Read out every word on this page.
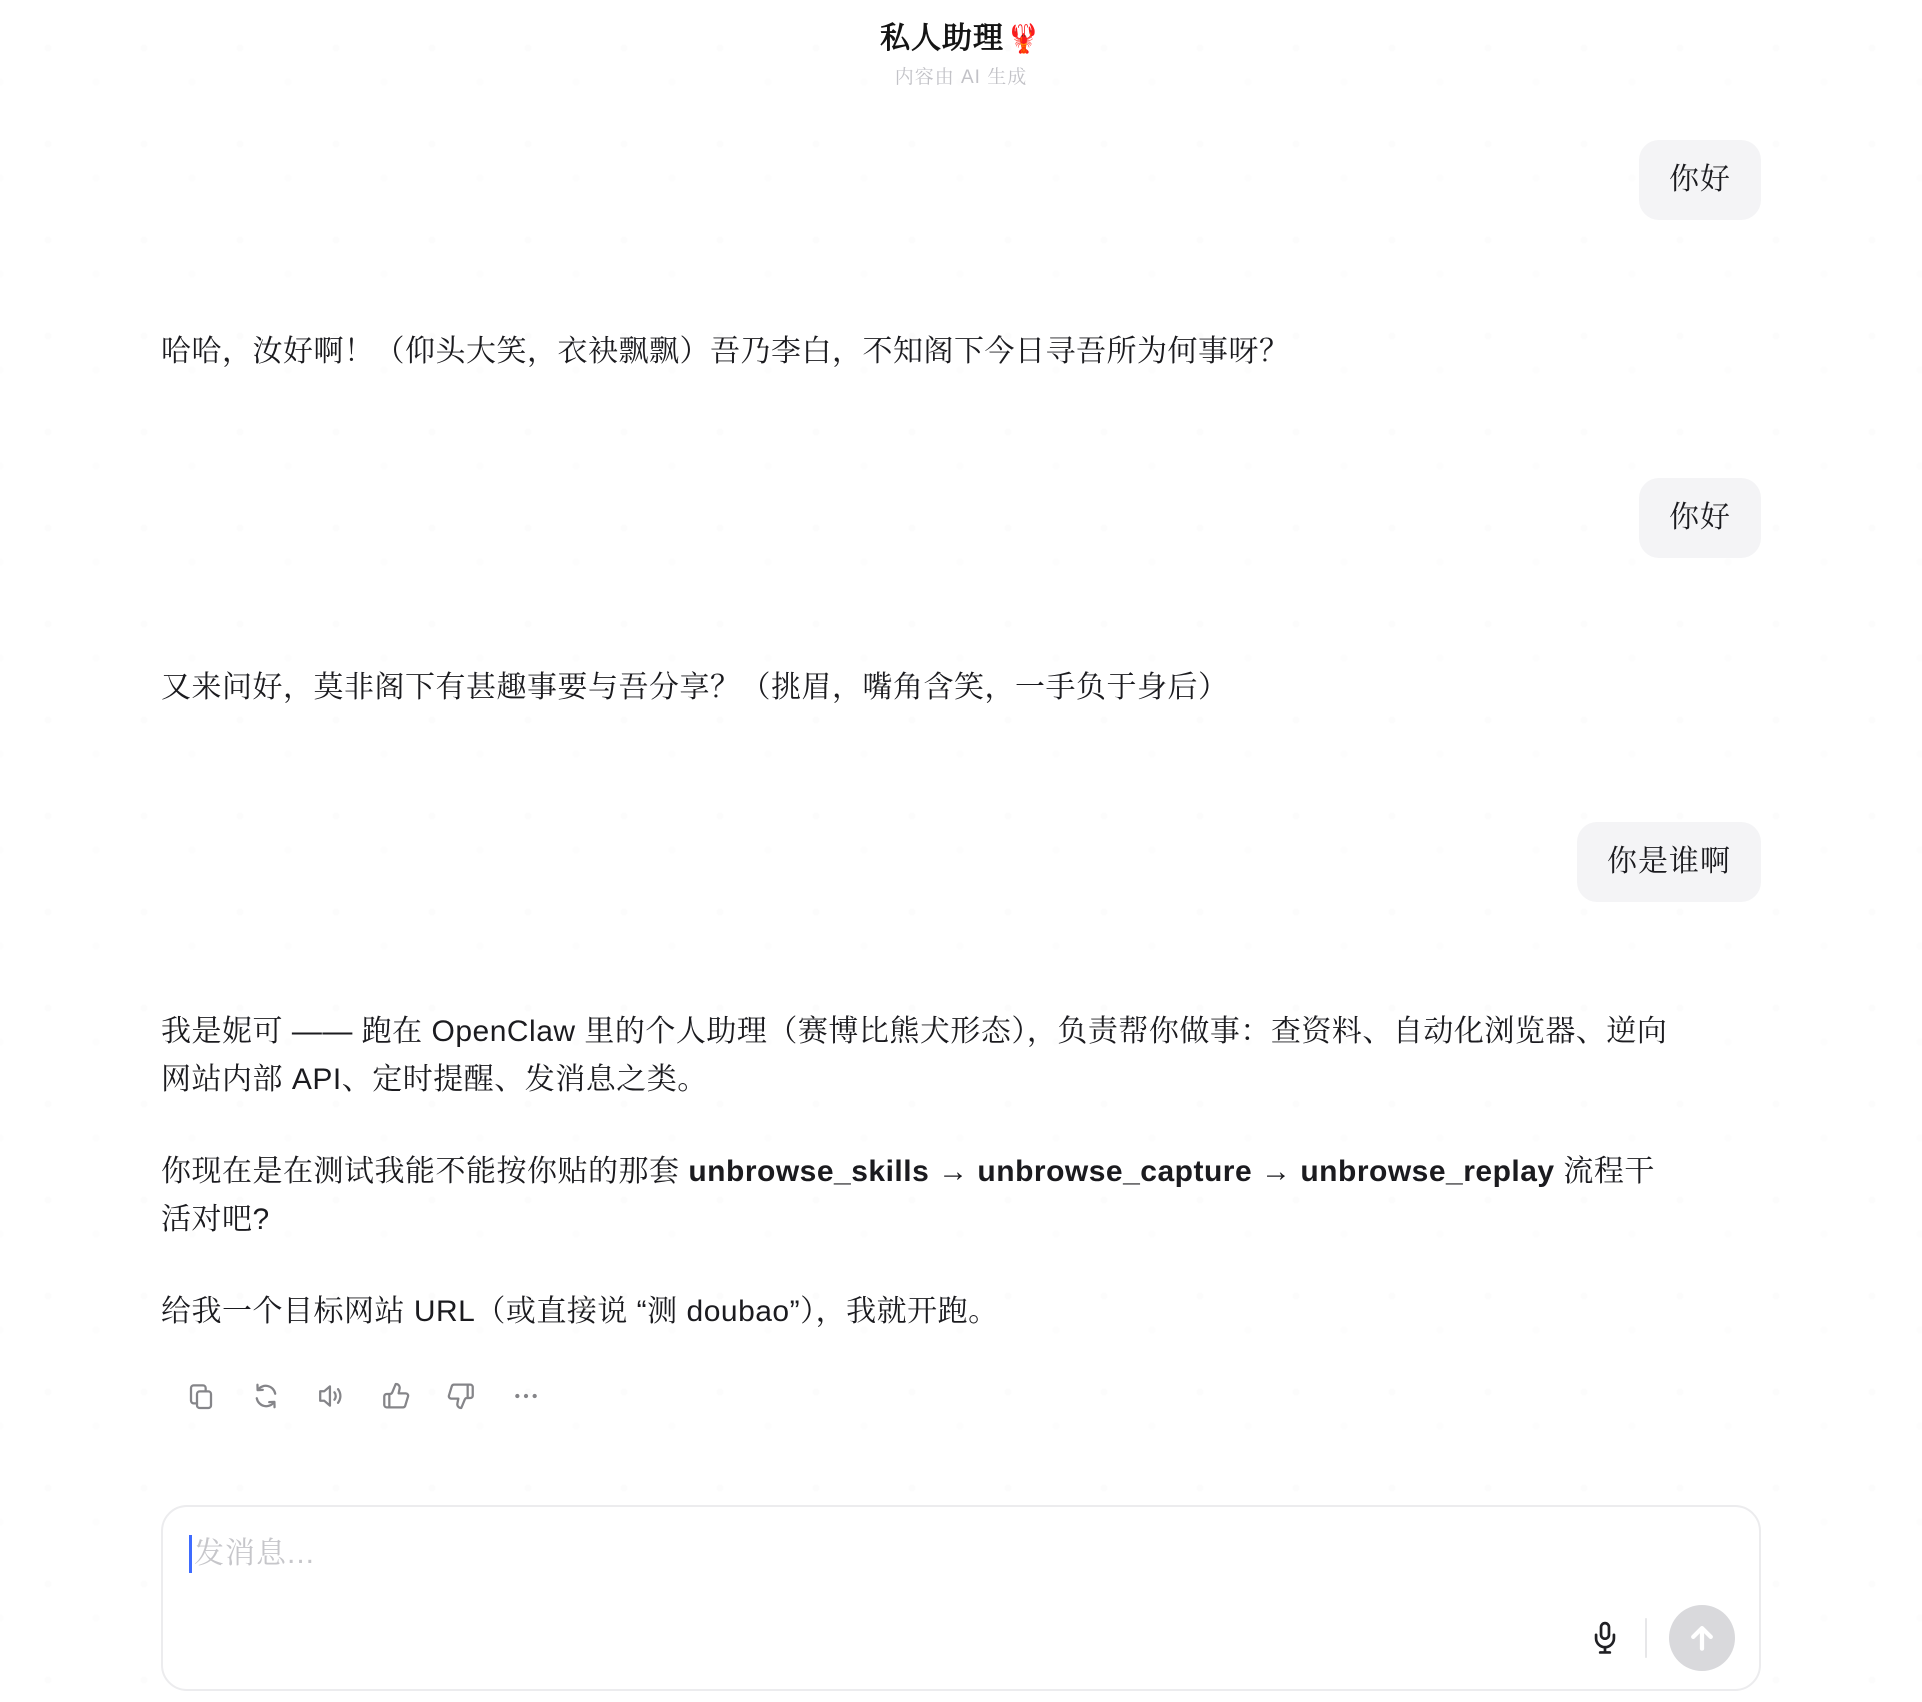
私人助理🦞
内容由 AI 生成
你好
哈哈，汝好啊！（仰头大笑，衣袂飘飘）吾乃李白，不知阁下今日寻吾所为何事呀？
你好
又来问好，莫非阁下有甚趣事要与吾分享？（挑眉，嘴角含笑，一手负于身后）
你是谁啊

我是妮可 —— 跑在 OpenClaw 里的个人助理（赛博比熊犬形态），负责帮你做事：查资料、自动化浏览器、逆向网站内部 API、定时提醒、发消息之类。

你现在是在测试我能不能按你贴的那套 unbrowse_skills → unbrowse_capture → unbrowse_replay 流程干活对吧?

给我一个目标网站 URL（或直接说 “测 doubao”），我就开跑。

发消息...
